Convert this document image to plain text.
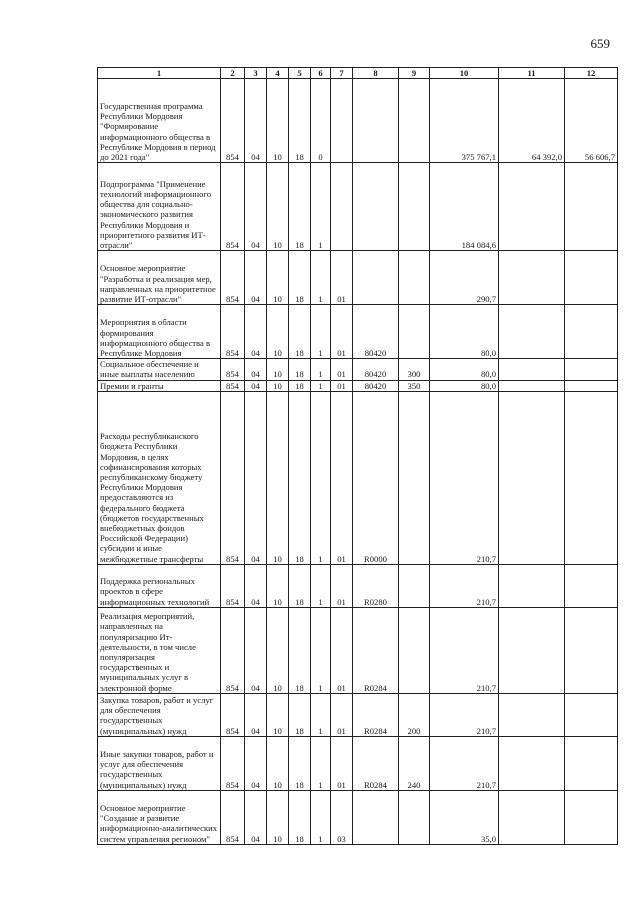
659
1	2	3	4	5	6	7	8	9	10	11	12
Государственная программа Республики Мордовия "Формирование информационного общества в Республике Мордовия в период до 2021 года"	854	04	10	18	0				375 767,1	64 392,0	56 606,7
Подпрограмма "Применение технологий информационного общества для социально-экономического развития Республики Мордовия и приоритетного развития ИТ-отрасли"	854	04	10	18	1				184 084,6		
Основное мероприятие "Разработка и реализация мер, направленных на приоритетное развитие ИТ-отрасли"	854	04	10	18	1	01			290,7		
Мероприятия в области формирования информационного общества в Республике Мордовия	854	04	10	18	1	01	80420		80,0		
Социальное обеспечение и иные выплаты населению	854	04	10	18	1	01	80420	300	80,0		
Премии и гранты	854	04	10	18	1	01	80420	350	80,0		
Расходы республиканского бюджета Республики Мордовия, в целях софинансирования которых республиканскому бюджету Республики Мордовия предоставляются из федерального бюджета (бюджетов государственных внебюджетных фондов Российской Федерации) субсидии и иные межбюджетные трансферты	854	04	10	18	1	01	R0000		210,7		
Поддержка региональных проектов в сфере информационных технологий	854	04	10	18	1	01	R0280		210,7		
Реализация мероприятий, направленных на популяризацию Ит-деятельности, в том числе популяризация государственных и муниципальных услуг в электронной форме	854	04	10	18	1	01	R0284		210,7		
Закупка товаров, работ и услуг для обеспечения государственных (муниципальных) нужд	854	04	10	18	1	01	R0284	200	210,7		
Иные закупки товаров, работ и услуг для обеспечения государственных (муниципальных) нужд	854	04	10	18	1	01	R0284	240	210,7		
Основное мероприятие "Создание и развитие информационно-аналитических систем управления регионом"	854	04	10	18	1	03			35,0		
